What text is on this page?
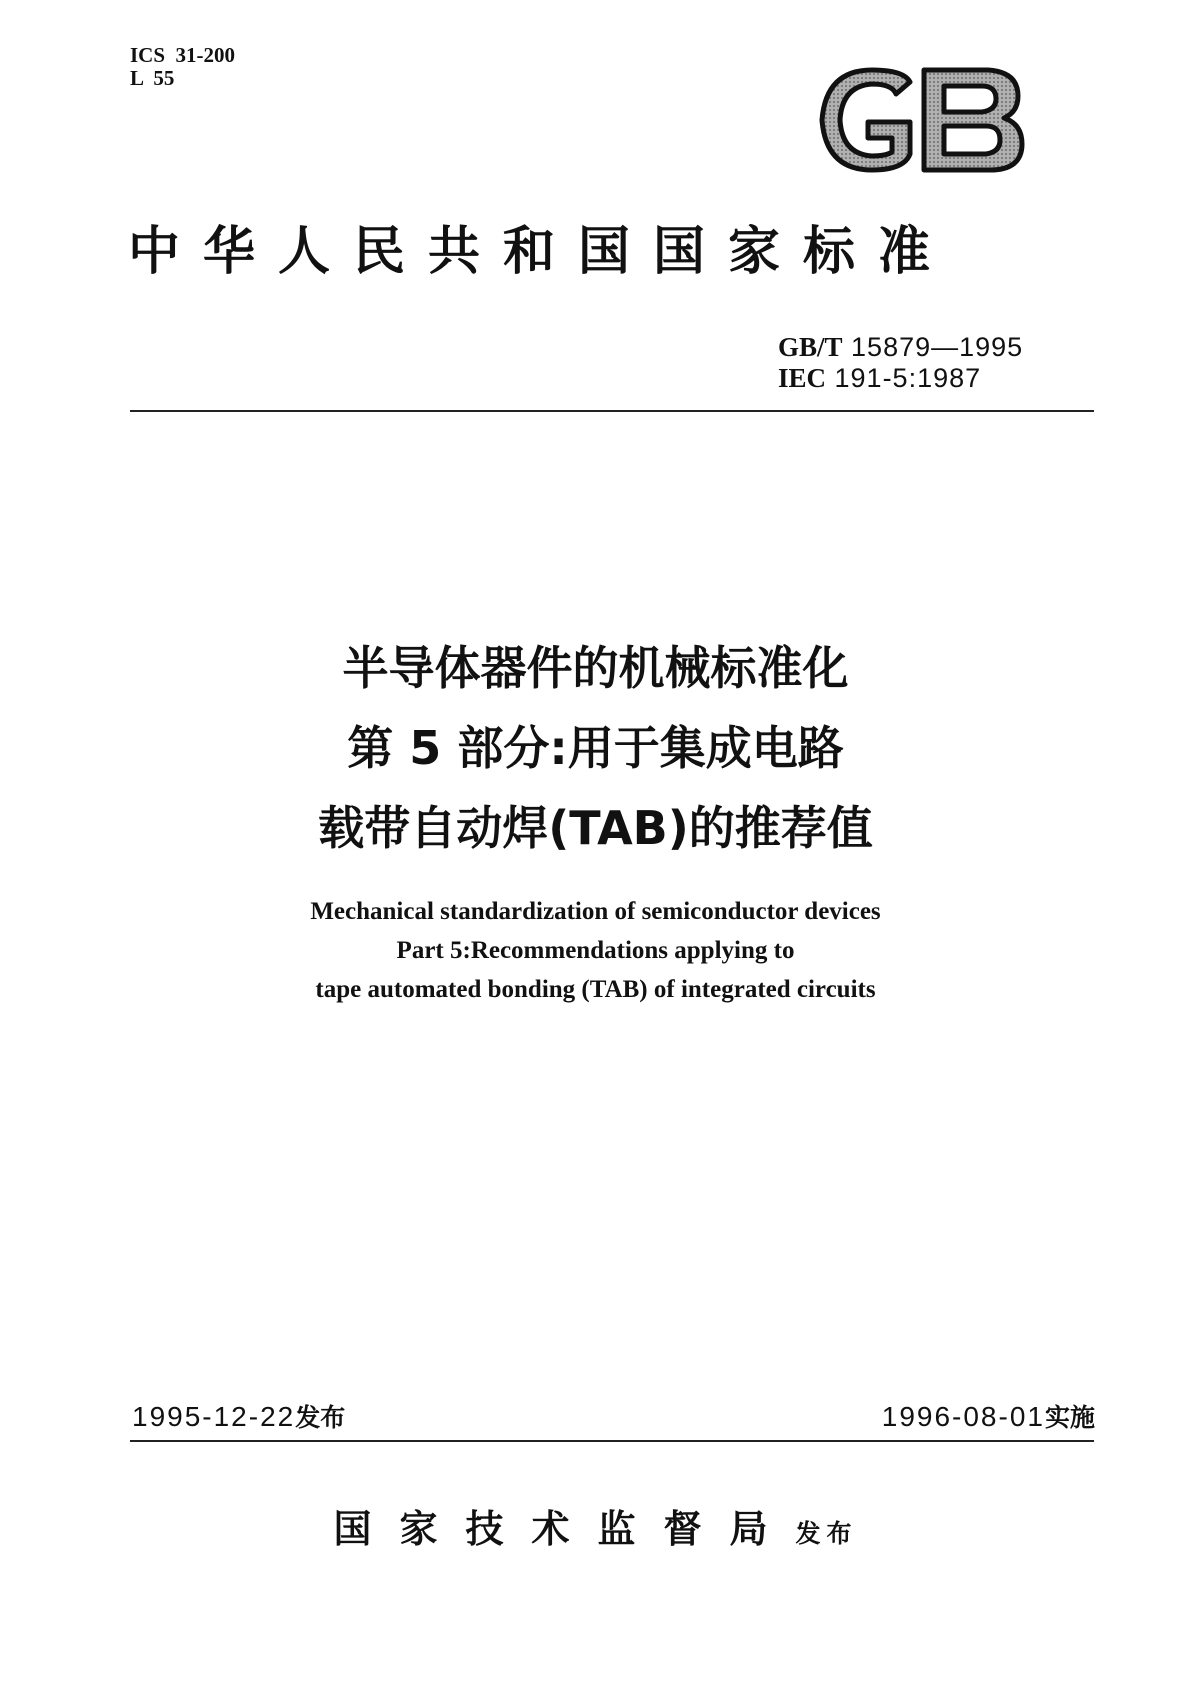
ICS  31-200
L  55
中华人民共和国国家标准
GB/T 15879—1995
IEC 191-5:1987
半导体器件的机械标准化
第 5 部分:用于集成电路
载带自动焊(TAB)的推荐值
Mechanical standardization of semiconductor devices
Part 5:Recommendations applying to
tape automated bonding (TAB) of integrated circuits
1995-12-22发布	1996-08-01实施
国家技术监督局发布
